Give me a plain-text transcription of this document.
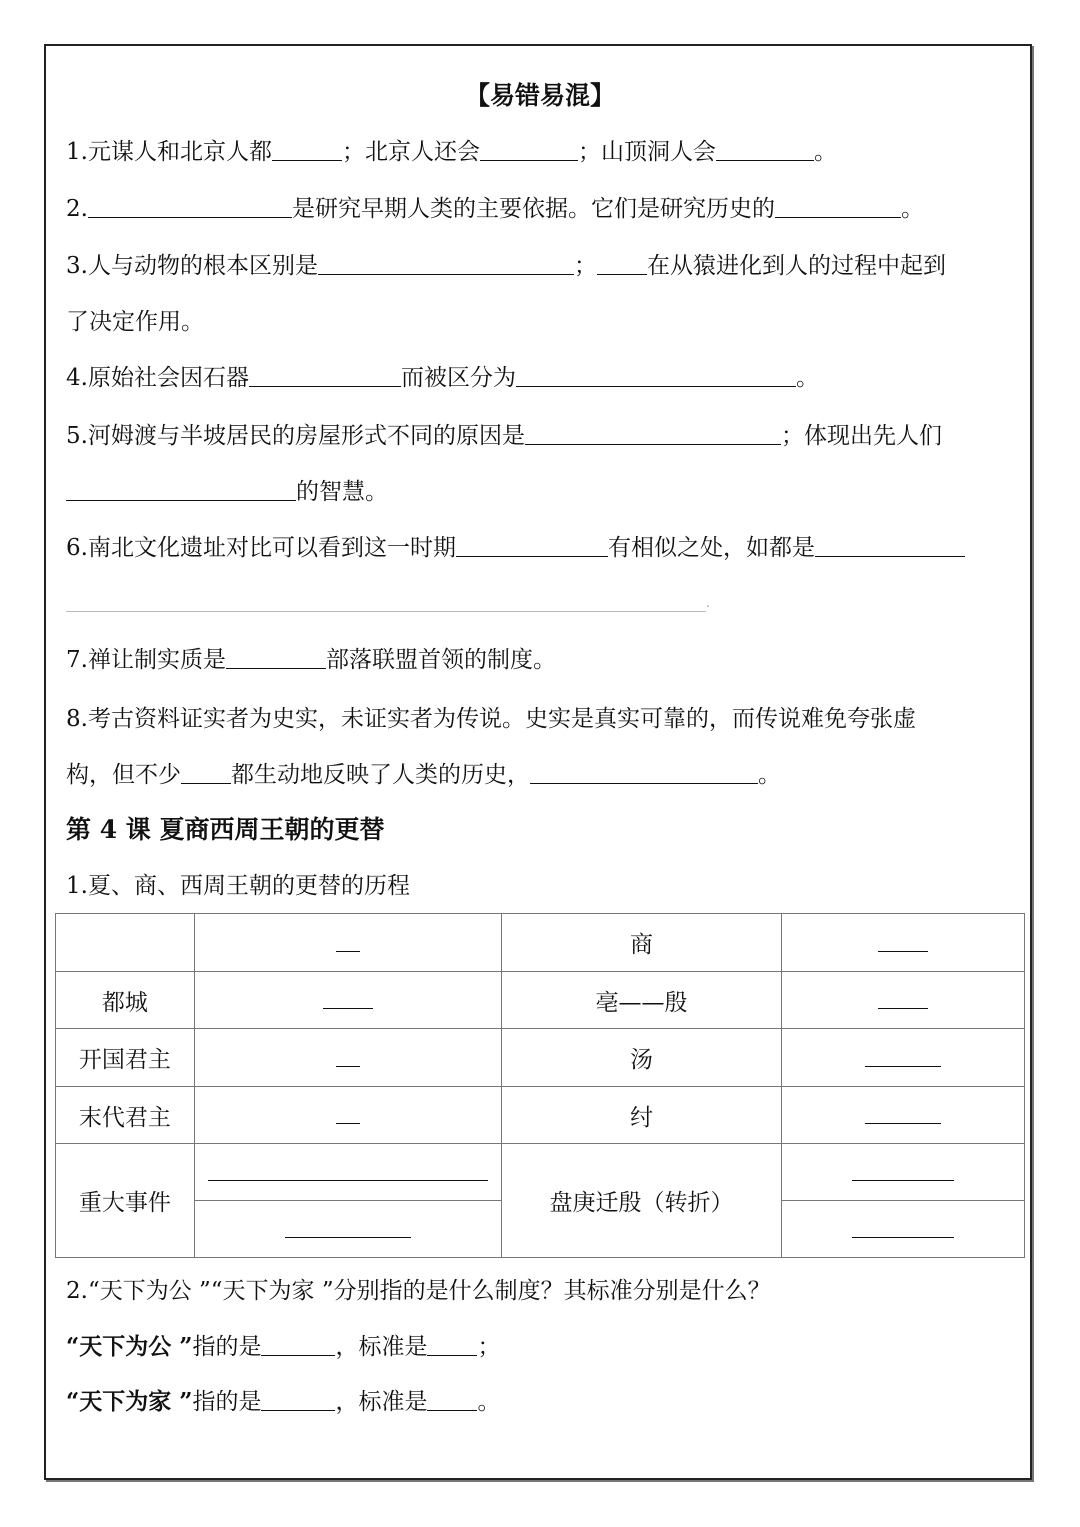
【易错易混】

1.元谋人和北京人都	；北京人还会	；山顶洞人会	。

2.	是研究早期人类的主要依据。它们是研究历史的	。

3.人与动物的根本区别是	； 在从猿进化到人的过程中起到

了决定作用。

4.原始社会因石器	而被区分为	。

5.河姆渡与半坡居民的房屋形式不同的原因是	；体现出先人们

的智慧。

6.南北文化遗址对比可以看到这一时期	有相似之处，如都是

.

7.禅让制实质是	部落联盟首领的制度。

8.考古资料证实者为史实，未证实者为传说。史实是真实可靠的，而传说难免夸张虚

构，但不少 都生动地反映了人类的历史，	。

第 4 课 夏商西周王朝的更替

1.夏、商、西周王朝的更替的历程

		商	
都城		亳——殷	
开国君主		汤	
末代君主		纣	
重大事件		盘庚迁殷（转折）	

2.“天下为公 ”“天下为家 ”分别指的是什么制度？其标准分别是什么？

“天下为公 ”指的是	，标准是 ；

“天下为家 ”指的是	，标准是 。
